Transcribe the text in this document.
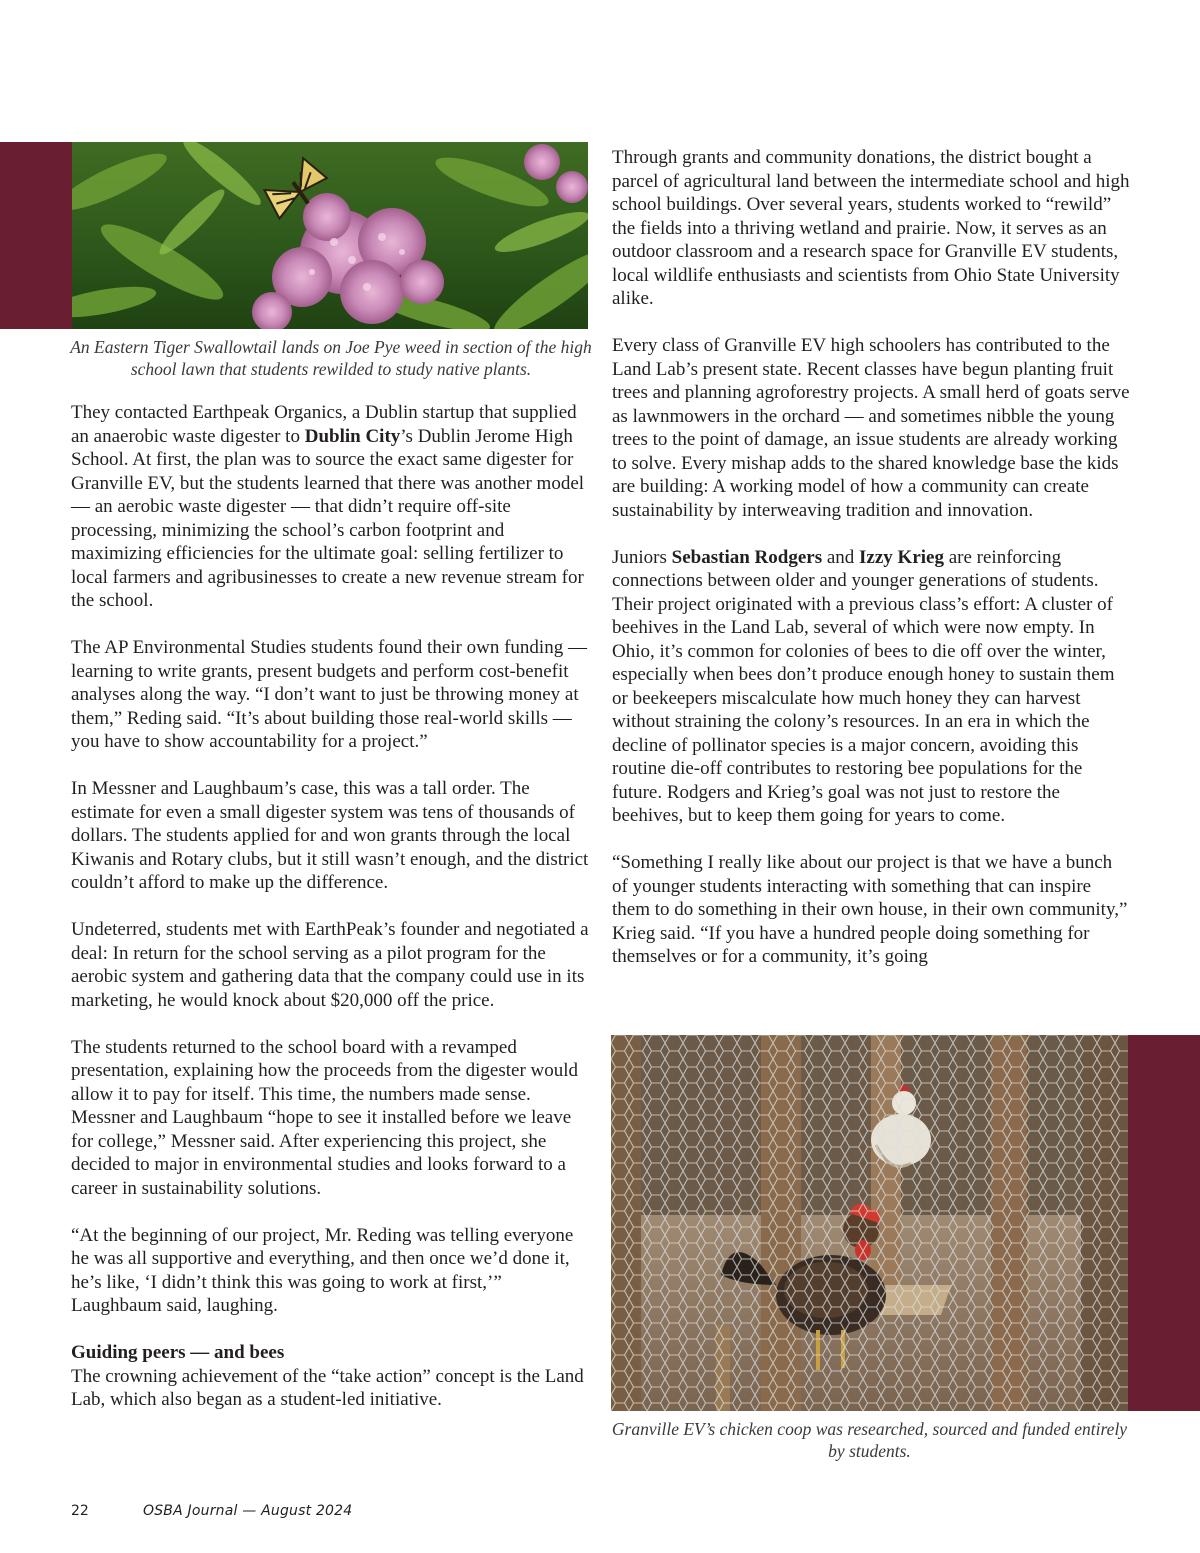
An Eastern Tiger Swallowtail lands on Joe Pye weed in section of the high school lawn that students rewilded to study native plants.

They contacted Earthpeak Organics, a Dublin startup that supplied an anaerobic waste digester to Dublin City’s Dublin Jerome High School. At first, the plan was to source the exact same digester for Granville EV, but the students learned that there was another model — an aerobic waste digester — that didn’t require off-site processing, minimizing the school’s carbon footprint and maximizing efficiencies for the ultimate goal: selling fertilizer to local farmers and agribusinesses to create a new revenue stream for the school.

The AP Environmental Studies students found their own funding — learning to write grants, present budgets and perform cost-benefit analyses along the way. “I don’t want to just be throwing money at them,” Reding said. “It’s about building those real-world skills — you have to show accountability for a project.”

In Messner and Laughbaum’s case, this was a tall order. The estimate for even a small digester system was tens of thousands of dollars. The students applied for and won grants through the local Kiwanis and Rotary clubs, but it still wasn’t enough, and the district couldn’t afford to make up the difference.

Undeterred, students met with EarthPeak’s founder and negotiated a deal: In return for the school serving as a pilot program for the aerobic system and gathering data that the company could use in its marketing, he would knock about $20,000 off the price.

The students returned to the school board with a revamped presentation, explaining how the proceeds from the digester would allow it to pay for itself. This time, the numbers made sense. Messner and Laughbaum “hope to see it installed before we leave for college,” Messner said. After experiencing this project, she decided to major in environmental studies and looks forward to a career in sustainability solutions.

“At the beginning of our project, Mr. Reding was telling everyone he was all supportive and everything, and then once we’d done it, he’s like, ‘I didn’t think this was going to work at first,’” Laughbaum said, laughing.

Guiding peers — and bees
The crowning achievement of the “take action” concept is the Land Lab, which also began as a student-led initiative.

Through grants and community donations, the district bought a parcel of agricultural land between the intermediate school and high school buildings. Over several years, students worked to “rewild” the fields into a thriving wetland and prairie. Now, it serves as an outdoor classroom and a research space for Granville EV students, local wildlife enthusiasts and scientists from Ohio State University alike.

Every class of Granville EV high schoolers has contributed to the Land Lab’s present state. Recent classes have begun planting fruit trees and planning agroforestry projects. A small herd of goats serve as lawnmowers in the orchard — and sometimes nibble the young trees to the point of damage, an issue students are already working to solve. Every mishap adds to the shared knowledge base the kids are building: A working model of how a community can create sustainability by interweaving tradition and innovation.

Juniors Sebastian Rodgers and Izzy Krieg are reinforcing connections between older and younger generations of students. Their project originated with a previous class’s effort: A cluster of beehives in the Land Lab, several of which were now empty. In Ohio, it’s common for colonies of bees to die off over the winter, especially when bees don’t produce enough honey to sustain them or beekeepers miscalculate how much honey they can harvest without straining the colony’s resources. In an era in which the decline of pollinator species is a major concern, avoiding this routine die-off contributes to restoring bee populations for the future. Rodgers and Krieg’s goal was not just to restore the beehives, but to keep them going for years to come.

“Something I really like about our project is that we have a bunch of younger students interacting with something that can inspire them to do something in their own house, in their own community,” Krieg said. “If you have a hundred people doing something for themselves or for a community, it’s going

Granville EV’s chicken coop was researched, sourced and funded entirely by students.

22	OSBA Journal — August 2024
